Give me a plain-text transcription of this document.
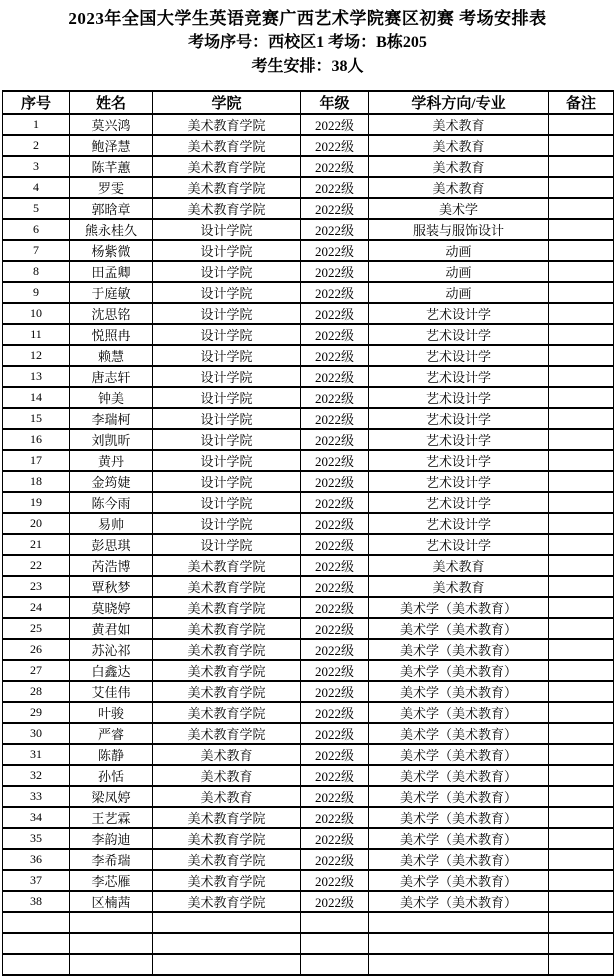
2023年全国大学生英语竞赛广西艺术学院赛区初赛 考场安排表
考场序号：西校区1 考场：B栋205
考生安排：38人
序号	姓名	学院	年级	学科方向/专业	备注
1	莫兴鸿	美术教育学院	2022级	美术教育	
2	鲍泽慧	美术教育学院	2022级	美术教育	
3	陈芊蕙	美术教育学院	2022级	美术教育	
4	罗雯	美术教育学院	2022级	美术教育	
5	郭晗章	美术教育学院	2022级	美术学	
6	熊永桂久	设计学院	2022级	服装与服饰设计	
7	杨紫微	设计学院	2022级	动画	
8	田孟卿	设计学院	2022级	动画	
9	于庭敏	设计学院	2022级	动画	
10	沈思铭	设计学院	2022级	艺术设计学	
11	悦照冉	设计学院	2022级	艺术设计学	
12	赖慧	设计学院	2022级	艺术设计学	
13	唐志轩	设计学院	2022级	艺术设计学	
14	钟美	设计学院	2022级	艺术设计学	
15	李瑞柯	设计学院	2022级	艺术设计学	
16	刘凯昕	设计学院	2022级	艺术设计学	
17	黄丹	设计学院	2022级	艺术设计学	
18	金筠婕	设计学院	2022级	艺术设计学	
19	陈今雨	设计学院	2022级	艺术设计学	
20	易帅	设计学院	2022级	艺术设计学	
21	彭思琪	设计学院	2022级	艺术设计学	
22	芮浩博	美术教育学院	2022级	美术教育	
23	覃秋梦	美术教育学院	2022级	美术教育	
24	莫晓婷	美术教育学院	2022级	美术学（美术教育）	
25	黄君如	美术教育学院	2022级	美术学（美术教育）	
26	苏沁祁	美术教育学院	2022级	美术学（美术教育）	
27	白鑫达	美术教育学院	2022级	美术学（美术教育）	
28	艾佳伟	美术教育学院	2022级	美术学（美术教育）	
29	叶骏	美术教育学院	2022级	美术学（美术教育）	
30	严睿	美术教育学院	2022级	美术学（美术教育）	
31	陈静	美术教育	2022级	美术学（美术教育）	
32	孙恬	美术教育	2022级	美术学（美术教育）	
33	梁凤婷	美术教育	2022级	美术学（美术教育）	
34	王艺霖	美术教育学院	2022级	美术学（美术教育）	
35	李韵迪	美术教育学院	2022级	美术学（美术教育）	
36	李希瑞	美术教育学院	2022级	美术学（美术教育）	
37	李芯雁	美术教育学院	2022级	美术学（美术教育）	
38	区楠茜	美术教育学院	2022级	美术学（美术教育）	
